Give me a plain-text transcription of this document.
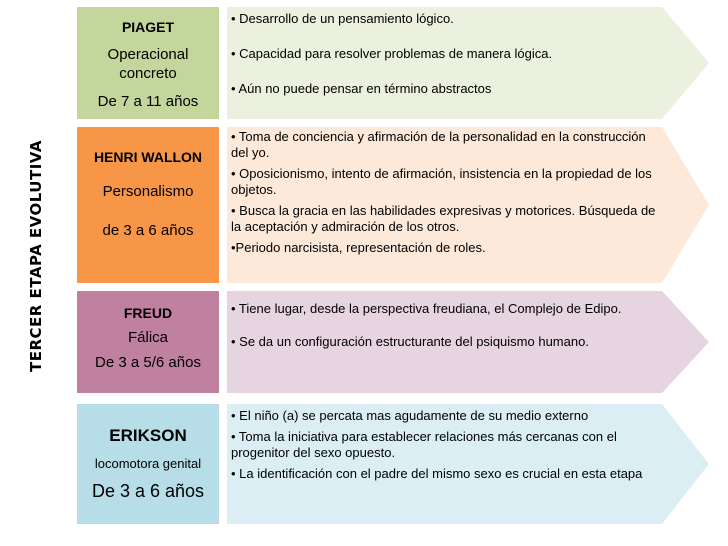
TERCER ETAPA EVOLUTIVA
PIAGET
Operacional concreto
De 7 a 11 años

• Desarrollo de un pensamiento lógico.

• Capacidad para resolver problemas de manera lógica.

• Aún no puede pensar en término abstractos

HENRI WALLON
Personalismo
de 3 a 6 años

• Toma de conciencia y afirmación de la personalidad en la construcción del yo.

• Oposicionismo, intento de afirmación, insistencia en la propiedad de los objetos.

• Busca la gracia en las habilidades expresivas y motorices. Búsqueda de la aceptación y admiración de los otros.

•Periodo narcisista, representación de roles.

FREUD
Fálica
De 3 a 5/6 años

• Tiene lugar, desde la perspectiva freudiana, el Complejo de Edipo.

• Se da un configuración estructurante del psiquismo humano.

ERIKSON
locomotora genital
De 3 a 6 años

• El niño (a) se percata mas agudamente de su medio externo

• Toma la iniciativa para establecer relaciones más cercanas con el progenitor del sexo opuesto.

• La identificación con el padre del mismo sexo es crucial en esta etapa
